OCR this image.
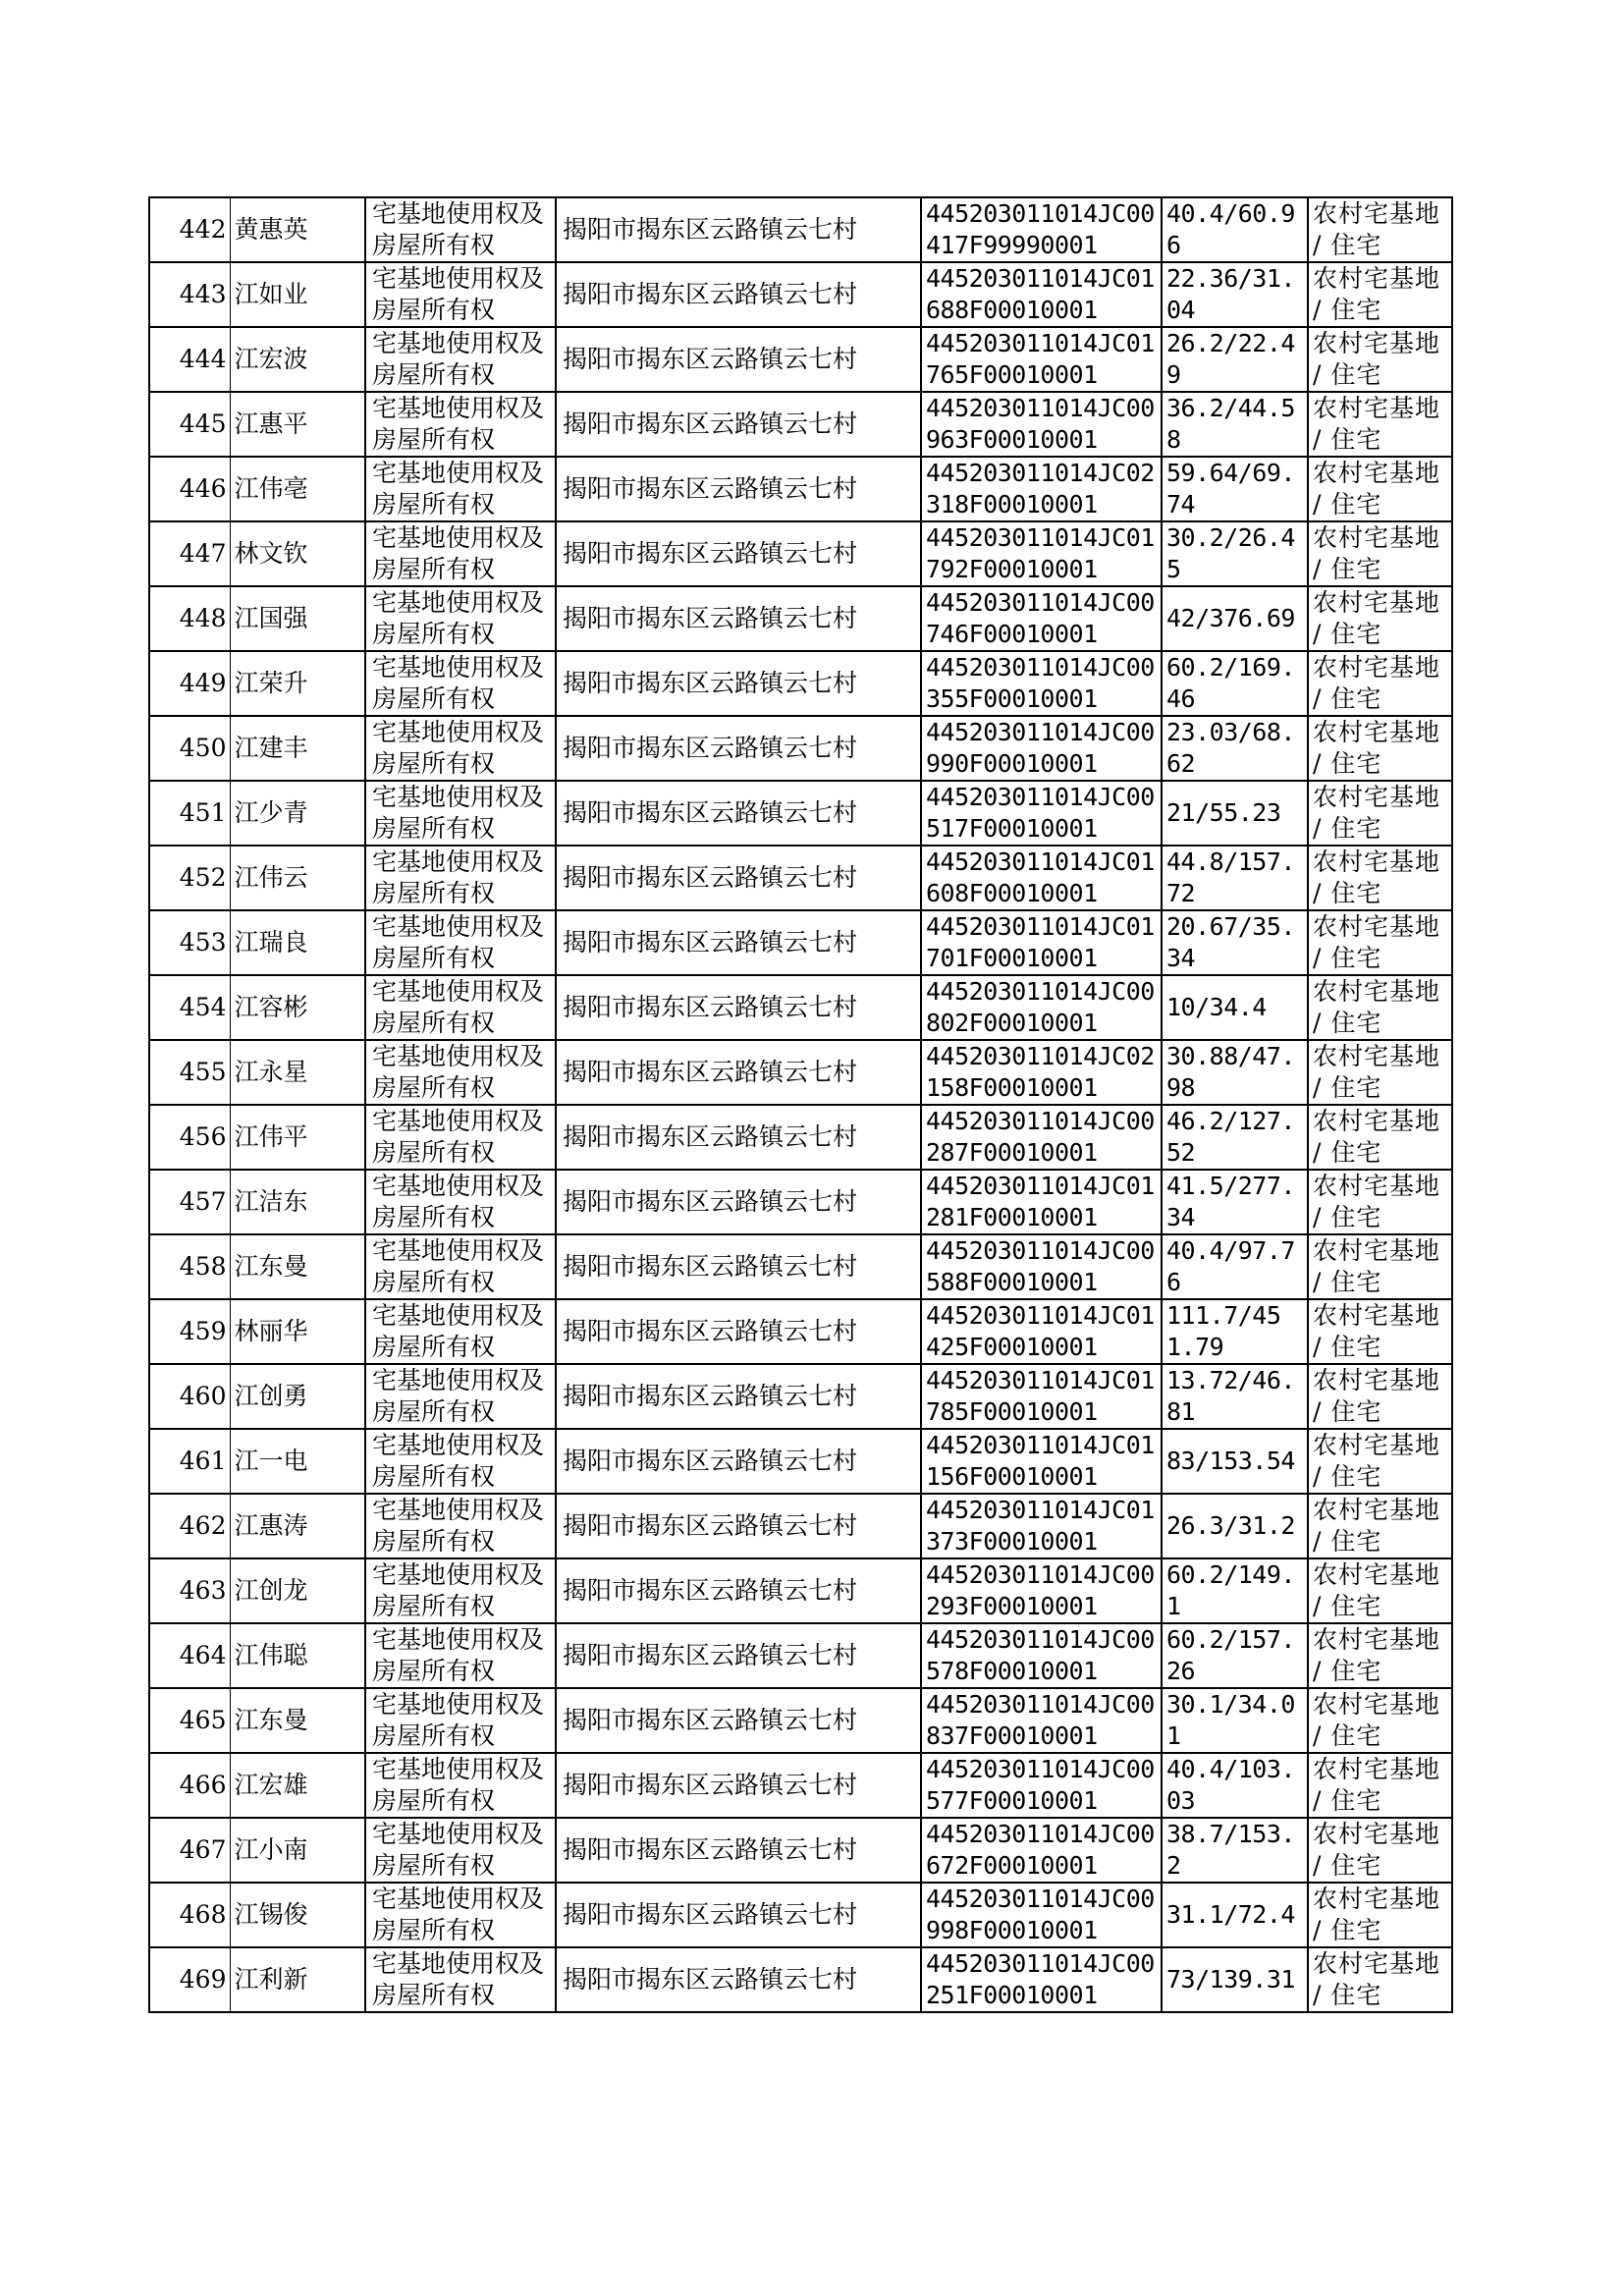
442	黄惠英	宅基地使用权及房屋所有权	揭阳市揭东区云路镇云七村	445203011014JC00417F99990001	40.4/60.96	农村宅基地 / 住宅
443	江如业	宅基地使用权及房屋所有权	揭阳市揭东区云路镇云七村	445203011014JC01688F00010001	22.36/31.04	农村宅基地 / 住宅
444	江宏波	宅基地使用权及房屋所有权	揭阳市揭东区云路镇云七村	445203011014JC01765F00010001	26.2/22.49	农村宅基地 / 住宅
445	江惠平	宅基地使用权及房屋所有权	揭阳市揭东区云路镇云七村	445203011014JC00963F00010001	36.2/44.58	农村宅基地 / 住宅
446	江伟亳	宅基地使用权及房屋所有权	揭阳市揭东区云路镇云七村	445203011014JC02318F00010001	59.64/69.74	农村宅基地 / 住宅
447	林文钦	宅基地使用权及房屋所有权	揭阳市揭东区云路镇云七村	445203011014JC01792F00010001	30.2/26.45	农村宅基地 / 住宅
448	江国强	宅基地使用权及房屋所有权	揭阳市揭东区云路镇云七村	445203011014JC00746F00010001	42/376.69	农村宅基地 / 住宅
449	江荣升	宅基地使用权及房屋所有权	揭阳市揭东区云路镇云七村	445203011014JC00355F00010001	60.2/169.46	农村宅基地 / 住宅
450	江建丰	宅基地使用权及房屋所有权	揭阳市揭东区云路镇云七村	445203011014JC00990F00010001	23.03/68.62	农村宅基地 / 住宅
451	江少青	宅基地使用权及房屋所有权	揭阳市揭东区云路镇云七村	445203011014JC00517F00010001	21/55.23	农村宅基地 / 住宅
452	江伟云	宅基地使用权及房屋所有权	揭阳市揭东区云路镇云七村	445203011014JC01608F00010001	44.8/157.72	农村宅基地 / 住宅
453	江瑞良	宅基地使用权及房屋所有权	揭阳市揭东区云路镇云七村	445203011014JC01701F00010001	20.67/35.34	农村宅基地 / 住宅
454	江容彬	宅基地使用权及房屋所有权	揭阳市揭东区云路镇云七村	445203011014JC00802F00010001	10/34.4	农村宅基地 / 住宅
455	江永星	宅基地使用权及房屋所有权	揭阳市揭东区云路镇云七村	445203011014JC02158F00010001	30.88/47.98	农村宅基地 / 住宅
456	江伟平	宅基地使用权及房屋所有权	揭阳市揭东区云路镇云七村	445203011014JC00287F00010001	46.2/127.52	农村宅基地 / 住宅
457	江洁东	宅基地使用权及房屋所有权	揭阳市揭东区云路镇云七村	445203011014JC01281F00010001	41.5/277.34	农村宅基地 / 住宅
458	江东曼	宅基地使用权及房屋所有权	揭阳市揭东区云路镇云七村	445203011014JC00588F00010001	40.4/97.76	农村宅基地 / 住宅
459	林丽华	宅基地使用权及房屋所有权	揭阳市揭东区云路镇云七村	445203011014JC01425F00010001	111.7/451.79	农村宅基地 / 住宅
460	江创勇	宅基地使用权及房屋所有权	揭阳市揭东区云路镇云七村	445203011014JC01785F00010001	13.72/46.81	农村宅基地 / 住宅
461	江一电	宅基地使用权及房屋所有权	揭阳市揭东区云路镇云七村	445203011014JC01156F00010001	83/153.54	农村宅基地 / 住宅
462	江惠涛	宅基地使用权及房屋所有权	揭阳市揭东区云路镇云七村	445203011014JC01373F00010001	26.3/31.2	农村宅基地 / 住宅
463	江创龙	宅基地使用权及房屋所有权	揭阳市揭东区云路镇云七村	445203011014JC00293F00010001	60.2/149.1	农村宅基地 / 住宅
464	江伟聪	宅基地使用权及房屋所有权	揭阳市揭东区云路镇云七村	445203011014JC00578F00010001	60.2/157.26	农村宅基地 / 住宅
465	江东曼	宅基地使用权及房屋所有权	揭阳市揭东区云路镇云七村	445203011014JC00837F00010001	30.1/34.01	农村宅基地 / 住宅
466	江宏雄	宅基地使用权及房屋所有权	揭阳市揭东区云路镇云七村	445203011014JC00577F00010001	40.4/103.03	农村宅基地 / 住宅
467	江小南	宅基地使用权及房屋所有权	揭阳市揭东区云路镇云七村	445203011014JC00672F00010001	38.7/153.2	农村宅基地 / 住宅
468	江锡俊	宅基地使用权及房屋所有权	揭阳市揭东区云路镇云七村	445203011014JC00998F00010001	31.1/72.4	农村宅基地 / 住宅
469	江利新	宅基地使用权及房屋所有权	揭阳市揭东区云路镇云七村	445203011014JC00251F00010001	73/139.31	农村宅基地 / 住宅
